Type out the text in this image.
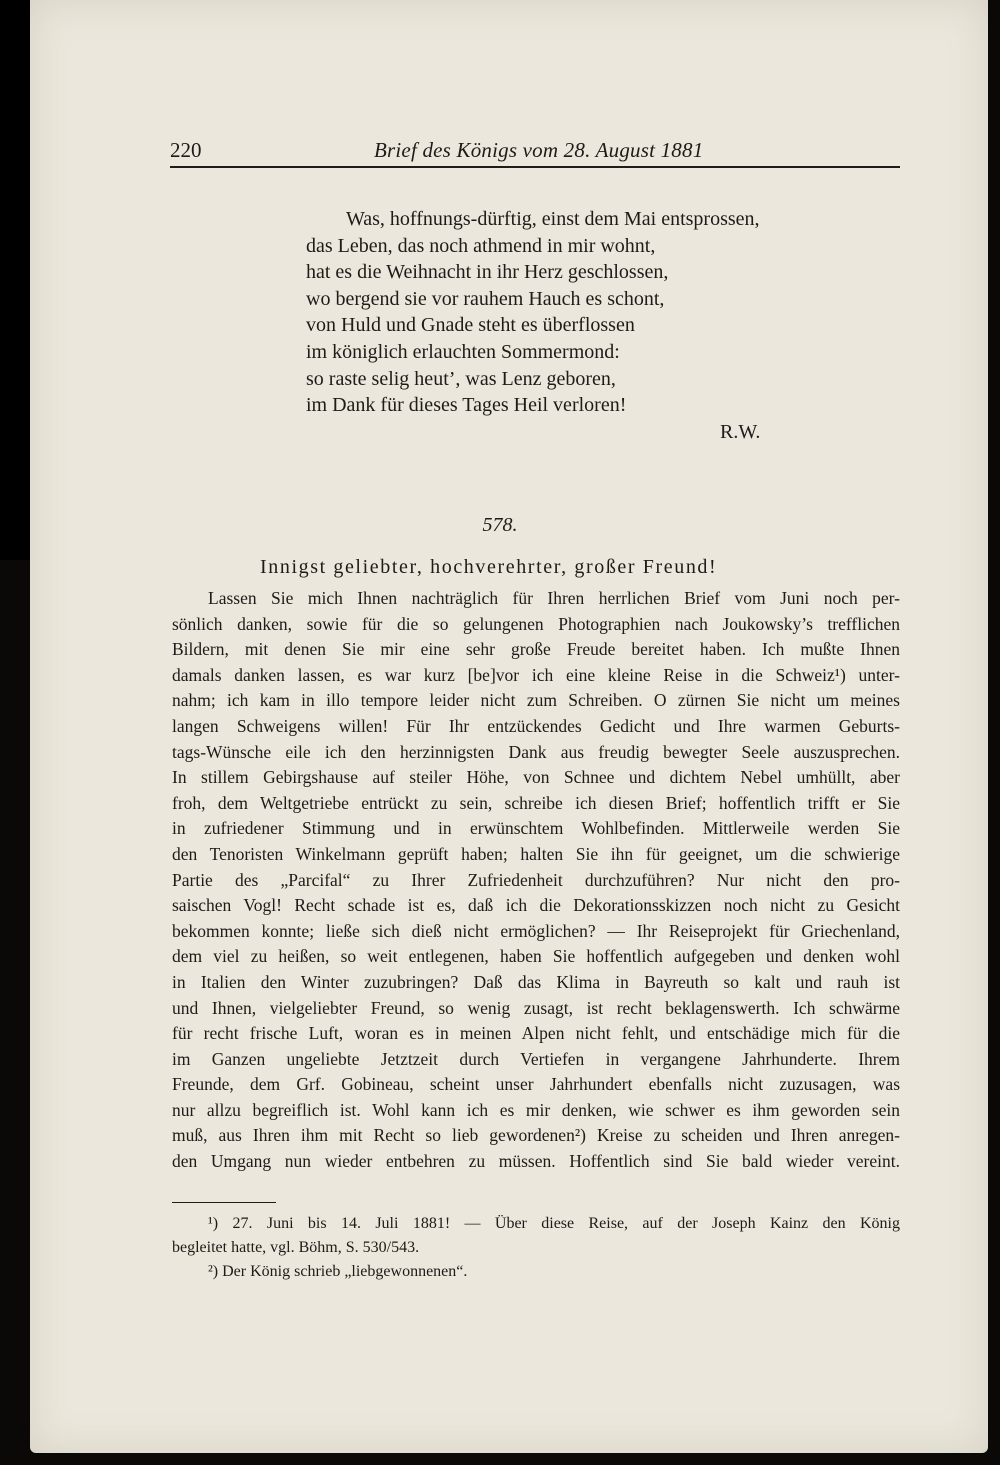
220	Brief des Königs vom 28. August 1881
Was, hoffnungs-dürftig, einst dem Mai entsprossen,
das Leben, das noch athmend in mir wohnt,
hat es die Weihnacht in ihr Herz geschlossen,
wo bergend sie vor rauhem Hauch es schont,
von Huld und Gnade steht es überflossen
im königlich erlauchten Sommermond:
so raste selig heut’, was Lenz geboren,
im Dank für dieses Tages Heil verloren!
R.W.
578.
Innigst geliebter, hochverehrter, großer Freund!
Lassen Sie mich Ihnen nachträglich für Ihren herrlichen Brief vom Juni noch per-
sönlich danken, sowie für die so gelungenen Photographien nach Joukowsky’s trefflichen
Bildern, mit denen Sie mir eine sehr große Freude bereitet haben. Ich mußte Ihnen
damals danken lassen, es war kurz [be]vor ich eine kleine Reise in die Schweiz¹) unter-
nahm; ich kam in illo tempore leider nicht zum Schreiben. O zürnen Sie nicht um meines
langen Schweigens willen! Für Ihr entzückendes Gedicht und Ihre warmen Geburts-
tags-Wünsche eile ich den herzinnigsten Dank aus freudig bewegter Seele auszusprechen.
In stillem Gebirgshause auf steiler Höhe, von Schnee und dichtem Nebel umhüllt, aber
froh, dem Weltgetriebe entrückt zu sein, schreibe ich diesen Brief; hoffentlich trifft er Sie
in zufriedener Stimmung und in erwünschtem Wohlbefinden. Mittlerweile werden Sie
den Tenoristen Winkelmann geprüft haben; halten Sie ihn für geeignet, um die schwierige
Partie des „Parcifal“ zu Ihrer Zufriedenheit durchzuführen? Nur nicht den pro-
saischen Vogl! Recht schade ist es, daß ich die Dekorationsskizzen noch nicht zu Gesicht
bekommen konnte; ließe sich dieß nicht ermöglichen? — Ihr Reiseprojekt für Griechenland,
dem viel zu heißen, so weit entlegenen, haben Sie hoffentlich aufgegeben und denken wohl
in Italien den Winter zuzubringen? Daß das Klima in Bayreuth so kalt und rauh ist
und Ihnen, vielgeliebter Freund, so wenig zusagt, ist recht beklagenswerth. Ich schwärme
für recht frische Luft, woran es in meinen Alpen nicht fehlt, und entschädige mich für die
im Ganzen ungeliebte Jetztzeit durch Vertiefen in vergangene Jahrhunderte. Ihrem
Freunde, dem Grf. Gobineau, scheint unser Jahrhundert ebenfalls nicht zuzusagen, was
nur allzu begreiflich ist. Wohl kann ich es mir denken, wie schwer es ihm geworden sein
muß, aus Ihren ihm mit Recht so lieb gewordenen²) Kreise zu scheiden und Ihren anregen-
den Umgang nun wieder entbehren zu müssen. Hoffentlich sind Sie bald wieder vereint.
¹) 27. Juni bis 14. Juli 1881! — Über diese Reise, auf der Joseph Kainz den König
begleitet hatte, vgl. Böhm, S. 530/543.
²) Der König schrieb „liebgewonnenen“.
